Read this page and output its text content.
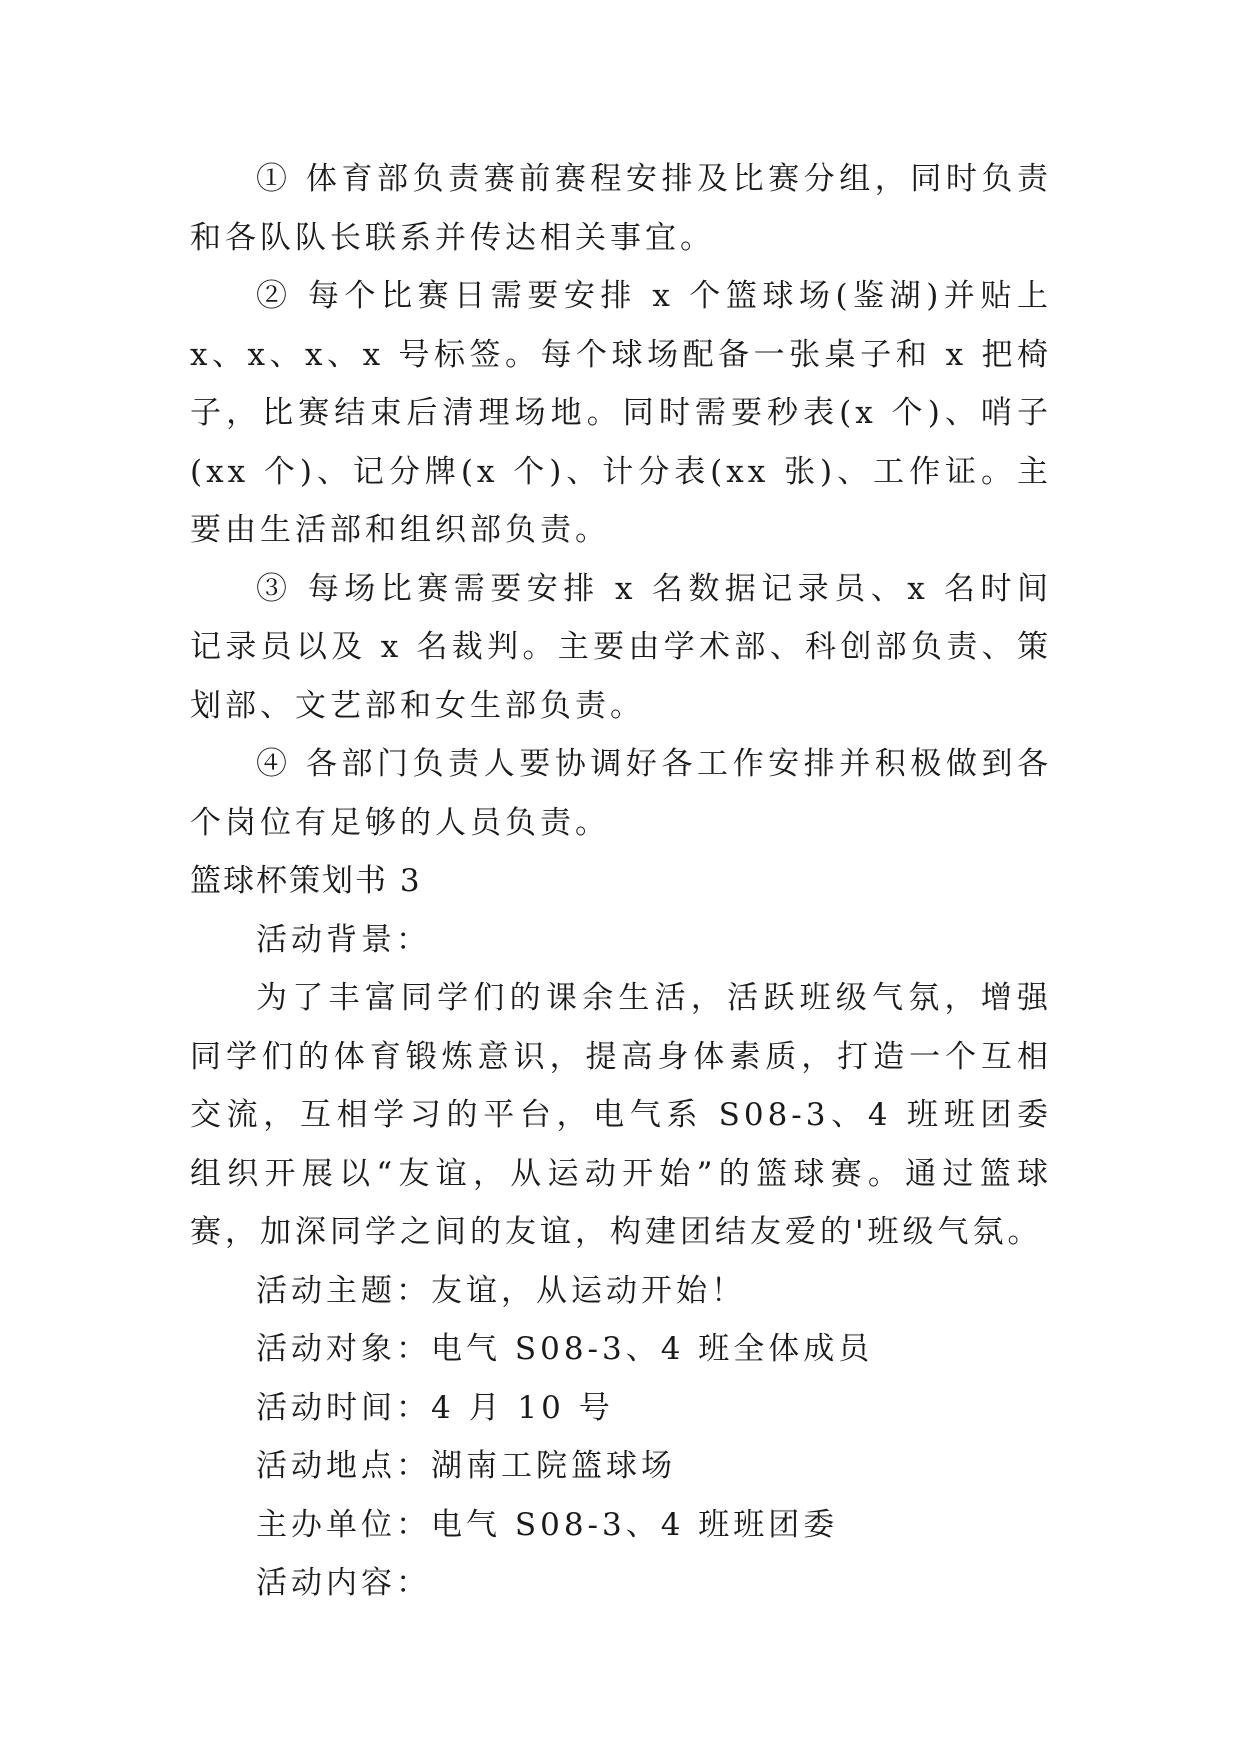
① 体育部负责赛前赛程安排及比赛分组，同时负责和各队队长联系并传达相关事宜。

② 每个比赛日需要安排 x 个篮球场(鉴湖)并贴上 x、x、x、x 号标签。每个球场配备一张桌子和 x 把椅子，比赛结束后清理场地。同时需要秒表(x 个)、哨子(xx 个)、记分牌(x 个)、计分表(xx 张)、工作证。主要由生活部和组织部负责。

③ 每场比赛需要安排 x 名数据记录员、x 名时间记录员以及 x 名裁判。主要由学术部、科创部负责、策划部、文艺部和女生部负责。

④ 各部门负责人要协调好各工作安排并积极做到各个岗位有足够的人员负责。

篮球杯策划书 3

活动背景：

为了丰富同学们的课余生活，活跃班级气氛，增强同学们的体育锻炼意识，提高身体素质，打造一个互相交流，互相学习的平台，电气系 S08-3、4 班班团委组织开展以“友谊，从运动开始”的篮球赛。通过篮球赛，加深同学之间的友谊，构建团结友爱的'班级气氛。

活动主题：友谊，从运动开始！

活动对象：电气 S08-3、4 班全体成员

活动时间：4 月 10 号

活动地点：湖南工院篮球场

主办单位：电气 S08-3、4 班班团委

活动内容：
